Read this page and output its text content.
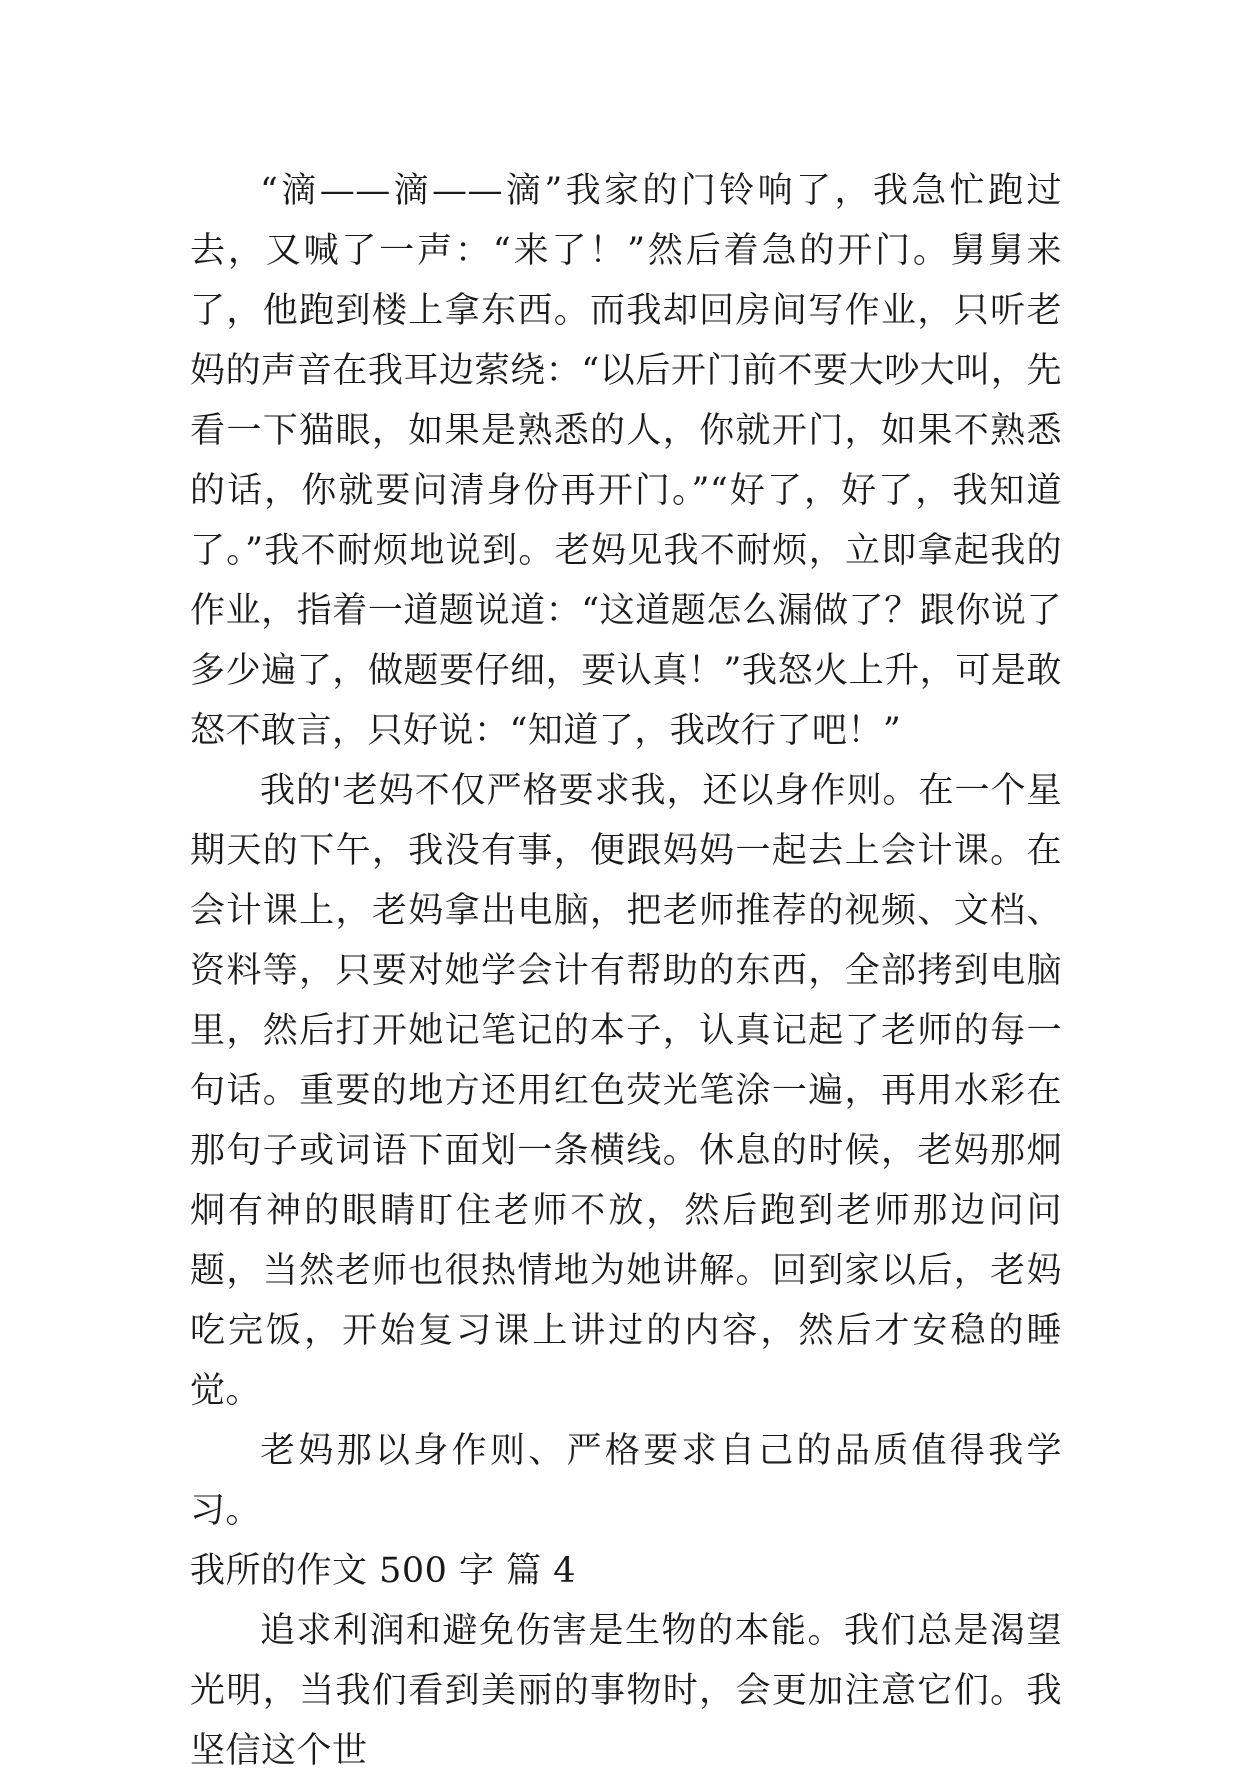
“滴——滴——滴”我家的门铃响了，我急忙跑过去，又喊了一声：“来了！”然后着急的开门。舅舅来了，他跑到楼上拿东西。而我却回房间写作业，只听老妈的声音在我耳边萦绕：“以后开门前不要大吵大叫，先看一下猫眼，如果是熟悉的人，你就开门，如果不熟悉的话，你就要问清身份再开门。”“好了，好了，我知道了。”我不耐烦地说到。老妈见我不耐烦，立即拿起我的作业，指着一道题说道：“这道题怎么漏做了？跟你说了多少遍了，做题要仔细，要认真！”我怒火上升，可是敢怒不敢言，只好说：“知道了，我改行了吧！”

我的'老妈不仅严格要求我，还以身作则。在一个星期天的下午，我没有事，便跟妈妈一起去上会计课。在会计课上，老妈拿出电脑，把老师推荐的视频、文档、资料等，只要对她学会计有帮助的东西，全部拷到电脑里，然后打开她记笔记的本子，认真记起了老师的每一句话。重要的地方还用红色荧光笔涂一遍，再用水彩在那句子或词语下面划一条横线。休息的时候，老妈那炯炯有神的眼睛盯住老师不放，然后跑到老师那边问问题，当然老师也很热情地为她讲解。回到家以后，老妈吃完饭，开始复习课上讲过的内容，然后才安稳的睡觉。

老妈那以身作则、严格要求自己的品质值得我学习。

我所的作文 500 字 篇 4

追求利润和避免伤害是生物的本能。我们总是渴望光明，当我们看到美丽的事物时，会更加注意它们。我坚信这个世
